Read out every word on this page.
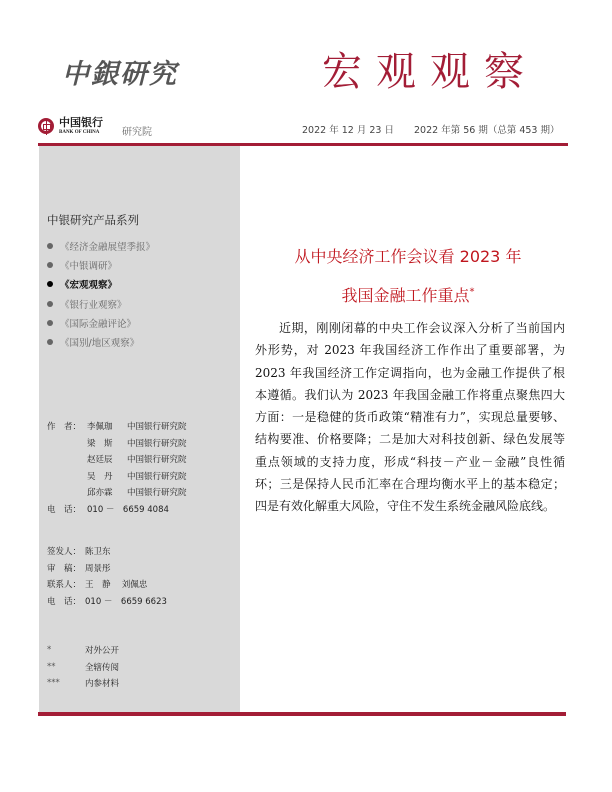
中銀研究	宏观观察
中国银行
BANK OF CHINA	研究院	2022 年 12 月 23 日 2022 年第 56 期（总第 453 期）
中银研究产品系列
《经济金融展望季报》
《中银调研》
《宏观观察》
《银行业观察》
《国际金融评论》
《国别/地区观察》
作　者： 李佩珈	中国银行研究院
梁　斯	中国银行研究院
赵廷辰	中国银行研究院
吴　丹	中国银行研究院
邱亦霖	中国银行研究院
电　话： 010 －　6659 4084
签发人： 陈卫东
审　稿： 周景彤
联系人： 王　静　 刘佩忠
电　话： 010 －　6659 6623
*	对外公开
**	全辖传阅
***	内参材料
从中央经济工作会议看 2023 年
我国金融工作重点*

近期，刚刚闭幕的中央工作会议深入分析了当前国内外形势，对 2023 年我国经济工作作出了重要部署，为 2023 年我国经济工作定调指向，也为金融工作提供了根本遵循。我们认为 2023 年我国金融工作将重点聚焦四大方面：一是稳健的货币政策“精准有力”，实现总量要够、结构要准、价格要降；二是加大对科技创新、绿色发展等重点领域的支持力度，形成“科技－产业－金融”良性循环；三是保持人民币汇率在合理均衡水平上的基本稳定；四是有效化解重大风险，守住不发生系统金融风险底线。
